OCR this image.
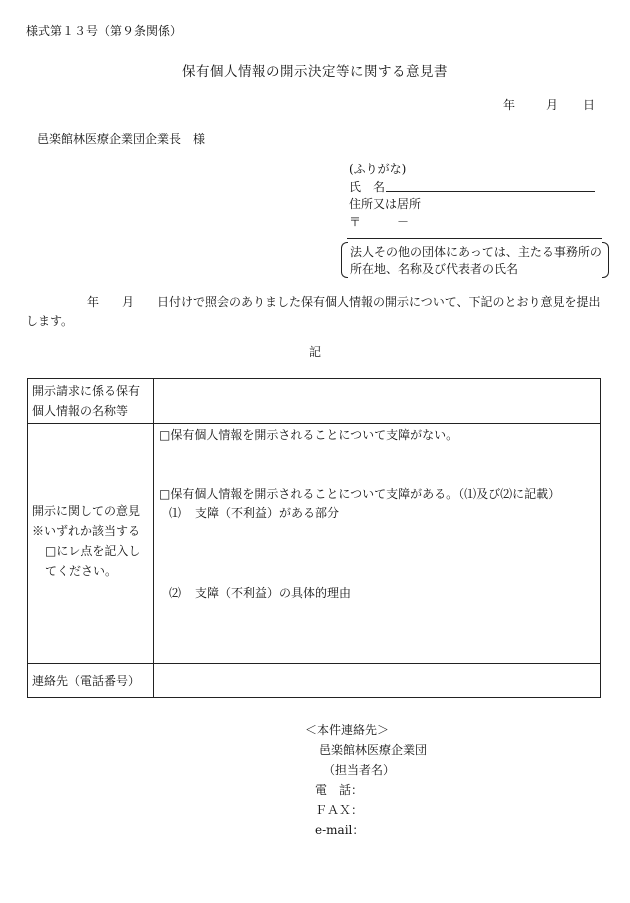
様式第１３号（第９条関係）
保有個人情報の開示決定等に関する意見書
年	月 日
邑楽館林医療企業団企業長　様
(ふりがな)
氏　名
住所又は居所
〒	－
法人その他の団体にあっては、主たる事務所の
所在地、名称及び代表者の氏名
年 月 日付けで照会のありました保有個人情報の開示について、下記のとおり意見を提出
します。
記
開示請求に係る保有
個人情報の名称等
開示に関しての意見
※いずれか該当する
□にレ点を記入し
てください。
□保有個人情報を開示されることについて支障がない。
□保有個人情報を開示されることについて支障がある。（⑴及び⑵に記載）
⑴ 支障（不利益）がある部分
⑵ 支障（不利益）の具体的理由
連絡先（電話番号）
＜本件連絡先＞
邑楽館林医療企業団
（担当者名）
電　話：
ＦＡＸ：
e-mail：
